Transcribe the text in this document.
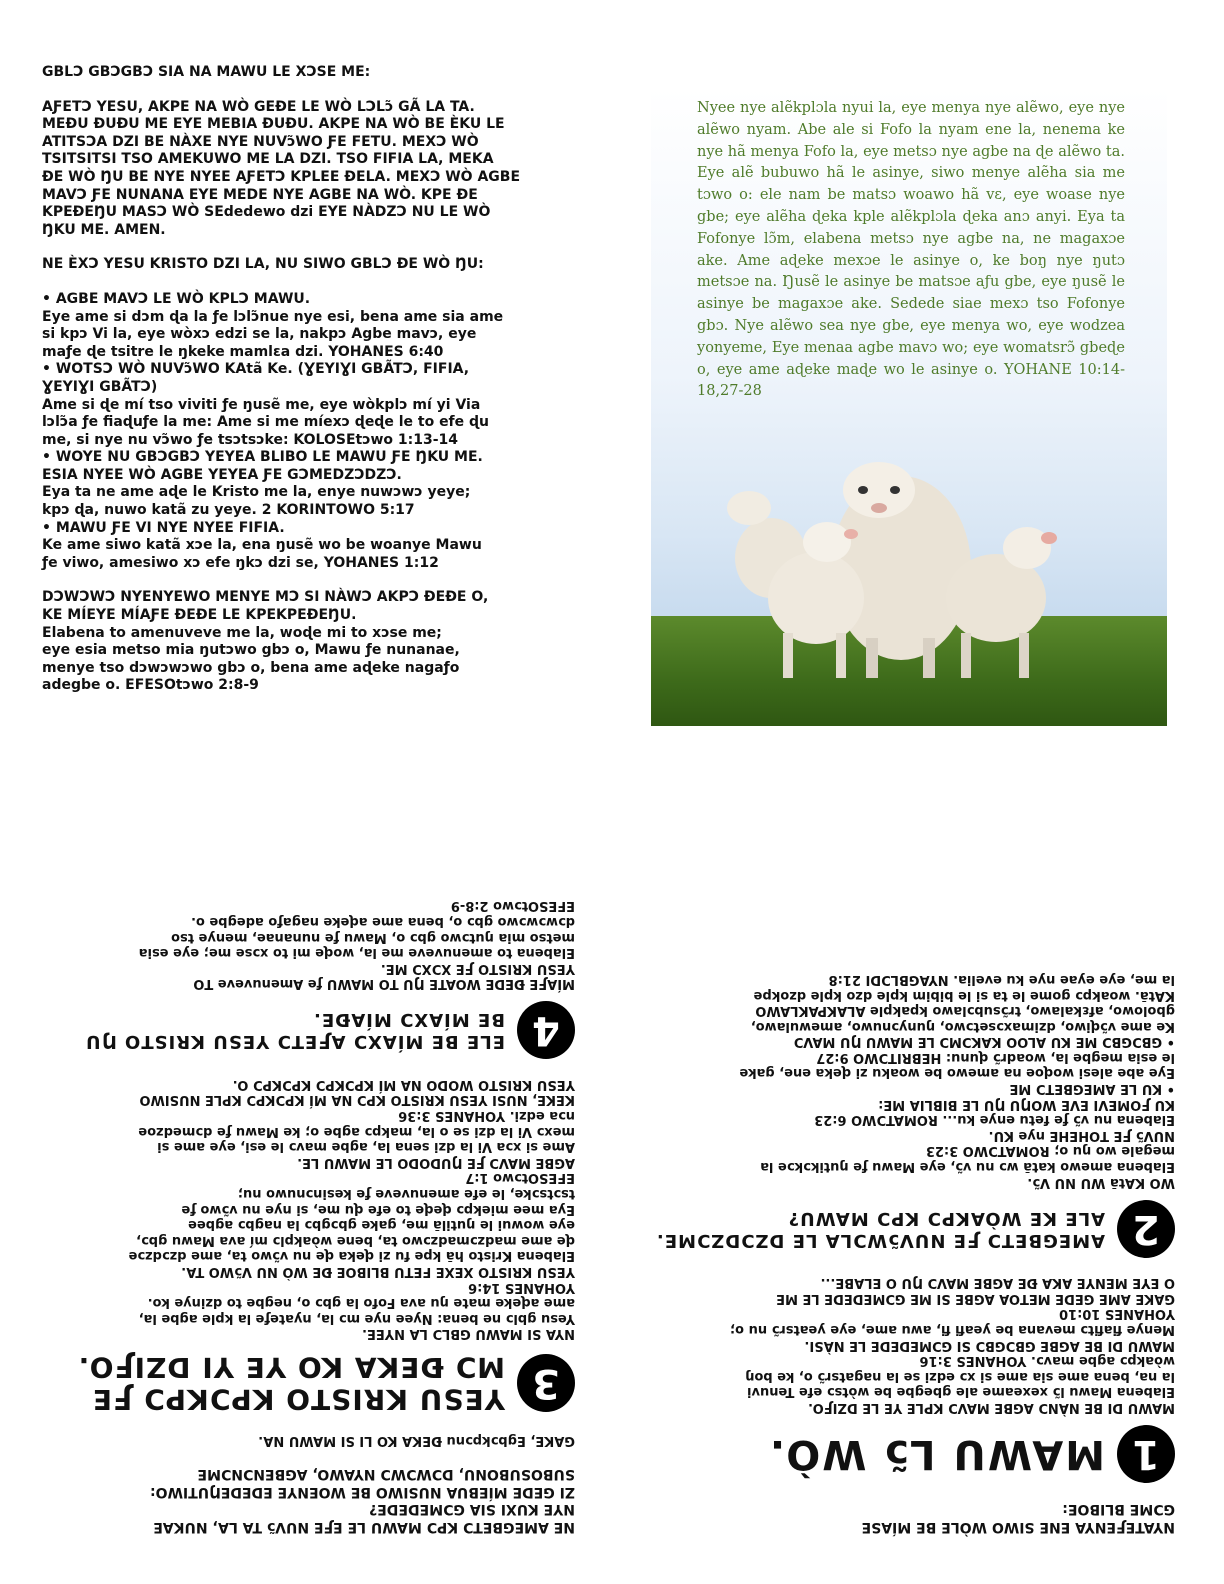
GBLƆ GBƆGBƆ SIA NA MAWU LE XƆSE ME:

AƑETƆ YESU, AKPE NA WÒ GEÐE LE WÒ LƆLɔ̃ GÃ LA TA.
MEÐU ÐUÐU ME EYE MEBIA ÐUÐU. AKPE NA WÒ BE ÈKU LE
ATITSƆA DZI BE NÀXE NYE NUVɔ̃WO ƑE FETU. MEXƆ WÒ
TSITSITSI TSO AMEKUWO ME LA DZI. TSO FIFIA LA, MEKA
ÐE WÒ ŊU BE NYE NYEE AƑETƆ KPLEE ÐELA. MEXƆ WÒ AGBE
MAVƆ ƑE NUNANA EYE MEDE NYE AGBE NA WÒ. KPE ÐE
KPEÐEŊU MASƆ WÒ SEdedewo dzi EYE NÀDZƆ NU LE WÒ
ŊKU ME. AMEN.

NE ÈXƆ YESU KRISTO DZI LA, NU SIWO GBLƆ ÐE WÒ ŊU:

• AGBE MAVƆ LE WÒ KPLƆ MAWU.
Eye ame si dɔm ɖa la ƒe lɔlɔ̃nue nye esi, bena ame sia ame
si kpɔ Vi la, eye wòxɔ edzi se la, nakpɔ Agbe mavɔ, eye
maƒe ɖe tsitre le ŋkeke mamlɛa dzi. YOHANES 6:40
• WOTSƆ WÒ NUVɔ̃WO KAtã Ke. (ƔEYIƔI GBÃTƆ, FIFIA,
ƔEYIƔI GBÃTƆ)
Ame si ɖe mí tso viviti ƒe ŋusẽ me, eye wòkplɔ mí yi Via
lɔlɔ̃a ƒe fiaɖuƒe la me: Ame si me míexɔ ɖeɖe le to efe ɖu
me, si nye nu vɔ̃wo ƒe tsɔtsɔke: KOLOSEtɔwo 1:13-14
• WOYE NU GBƆGBƆ YEYEA BLIBO LE MAWU ƑE ŊKU ME.
ESIA NYEE WÒ AGBE YEYEA ƑE GƆMEDZƆDZƆ.
Eya ta ne ame aɖe le Kristo me la, enye nuwɔwɔ yeye;
kpɔ ɖa, nuwo katã zu yeye. 2 KORINTOWO 5:17
• MAWU ƑE VI NYE NYEE FIFIA.
Ke ame siwo katã xɔe la, ena ŋusẽ wo be woanye Mawu
ƒe viwo, amesiwo xɔ efe ŋkɔ dzi se, YOHANES 1:12

DƆWƆWƆ NYENYEWO MENYE MƆ SI NÀWƆ AKPƆ ÐEÐE O,
KE MÍEYE MÍAƑE ÐEÐE LE KPEKPEÐEŊU.
Elabena to amenuveve me la, woɖe mi to xɔse me;
eye esia metso mia ŋutɔwo gbɔ o, Mawu ƒe nunanae,
menye tso dɔwɔwɔwo gbɔ o, bena ame aɖeke nagaƒo
adegbe o. EFESOtɔwo 2:8-9

Nyee nye alẽkplɔla nyui la, eye menya nye alẽwo, eye nye alẽwo nyam. Abe ale si Fofo la nyam ene la, nenema ke nye hã menya Fofo la, eye metsɔ nye agbe na ɖe alẽwo ta. Eye alẽ bubuwo hã le asinye, siwo menye alẽha sia me tɔwo o: ele nam be matsɔ woawo hã vɛ, eye woase nye gbe; eye alẽha ɖeka kple alẽkplɔla ɖeka anɔ anyi. Eya ta Fofonye lɔ̃m, elabena metsɔ nye agbe na, ne magaxɔe ake. Ame aɖeke mexɔe le asinye o, ke boŋ nye ŋutɔ metsɔe na. Ŋusẽ le asinye be matsɔe aƒu gbe, eye ŋusẽ le asinye be magaxɔe ake. Sedede siae mexɔ tso Fofonye gbɔ. Nye alẽwo sea nye gbe, eye menya wo, eye wodzea yonyeme, Eye menaa agbe mavɔ wo; eye womatsrɔ̃ gbeɖe o, eye ame aɖeke maɖe wo le asinye o. YOHANE 10:14-18,27-28

NE AMEGBETƆ KPƆ MAWU LE EƑE NUVɔ̃ TA LA, NUKAE
NYE KUXI SIA GƆMEDEDE?
ZI GEDE MÍEBUA NUSIWO BE WOENYE EDEDEŊUTIWO:
SUBOSUBONU, DƆWƆWƆ NYAWO, AGBENƆNƆME

GAKE, Egbɔkpɔnu ÐEKA KO LI SI MAWU NA.

3

YESU KRISTO KPƆKPƆ ƑE
MƆ ÐEKA KO YE YI DZIƑO.

NYA SI MAWU GBLƆ LA NYEE.
Yesu gblɔ ne bena: Nyee nye mɔ la, nyateƒe la kple agbe la,
ame aɖeke mate ŋu ava Fofo la gbɔ o, negbe to dzinye ko.
YOHANES 14:6
YESU KRISTO XEXE FETU BLIBOE ÐE WÒ NU Vɔ̃WO TA.
Elabena Kristo hã kpe fu zi ɖeka ɖe nu vɔ̃wo ta, ame dzɔdzɔe
ɖe ame madzɔmadzɔwo ta, bene wòakplɔ mí ava Mawu gbɔ,
eye wowui le ŋutilã me, gake gbɔgbɔ la nagbɔ agbee
Eya mee miekpɔ ɖeɖe to efe ɖu me, si nye nu vɔ̃wo ƒe
tsɔtsɔke, le efe amenuveve ƒe kesinɔnuwo nu;
EFESOtɔwo 1:7
AGBE MAVƆ ƑE ŊUDODO LE MAWU LE.
Ame si xɔa Vi la dzi sena la, agbe mavɔ le esi, eye ame si
mexɔ Vi la dzi se o la, makpɔ agbe o; ke Mawu ƒe dɔmedzoe
nɔa edzi. YOHANES 3:36
KEKE, NUSI YESU KRISTO KPƆ NA MÍ KPƆKPƆ KPLE NUSIWO
YESU KRISTO WODO NA MÍ KPƆKPƆ KPƆKPƆ O.

4

ELE BE MÍAXƆ AƑETƆ YESU KRISTO ŊU
BE MÍAXƆ MÍAÐE.

MÍAƑE ÐEDE WOATE ŊU TO MAWU ƒe Amenuveve TO
YESU KRISTO ƑE XƆXƆ ME.
Elabena to amenuveve me la, woɖe mi to xɔse me; eye esia
metso mia ŋutɔwo gbɔ o, Mawu ƒe nunanae, menye tso
dɔwɔwɔwo gbɔ o, bena ame aɖeke nagaƒo adegbe o.
EFESOtɔwo 2:8-9

NYATEƑENYA ENE SIWO WÒLE BE MÍASE
GƆME BLIBOE:

1

MAWU Lɔ̃ WÒ.

MAWU DI BE NÀNƆ AGBE MAVƆ KPLE YE LE DZIƑO.
Elabena Mawu lɔ̃ xexeame ale gbegbe be wòtsɔ efe Tenuvi
la na, bena ame sia ame si xɔ edzi se la nagatsrɔ̃ o, ke boŋ
wòakpɔ agbe mavɔ. YOHANES 3:16
MAWU DI BE AGBE GBƆGBƆ SI GƆMEDEDE LE NÀSI.
Menye fiafitɔ mevana be yeafi fi, awu ame, eye yeatsrɔ̃ nu o;
YOHANES 10:10
GAKE AME GEDE METOA AGBE SI ME GƆMEDEDE LE ME
O EYE MENYE AKA ÐE AGBE MAVƆ ŊU O ELABE...

2

AMEGBETƆ ƑE NUVɔ̃WƆLA LE DZƆDZƆME.
ALE KE WÒAKPƆ KPƆ MAWU?

WO KAtã WU NU Vɔ̃.
Elabena amewo katã wɔ nu vɔ̃, eye Mawu ƒe ŋutikɔkɔe la
megale wo ŋu o; ROMATƆWO 3:23
NUVɔ̃ ƑE TOHEHE nye KU.
Elabena nu vɔ̃ ƒe fetu enye ku... ROMATƆWO 6:23
KU ƑOMEVI EVE WOŊU ŊU LE BIBLIA ME:
• KU LE AMEGBETƆ ME
Eye abe alesi woɖoe na amewo be woaku zi ɖeka ene, gake
le esia megbe la, woadrɔ̃ ɖunu: HEBRITƆWO 9:27
• GBƆGBƆ ME KU ALOO KAKƆMƆ LE MAWU ŊU MAVƆ
Ke ame vɔ̃ɖiwo, dzimaxɔsetɔwo, ŋunyɔnuwo, amewulawo,
gbolowo, afɛkalawo, trɔ̃subɔlawo kpakple ALAKPAKLAWO
KAtã. woakpɔ gome le ta si le bibim kple dzo kple dzokpe
la me, eye eyae nye ku evelia. NYAGBLƆDI 21:8
